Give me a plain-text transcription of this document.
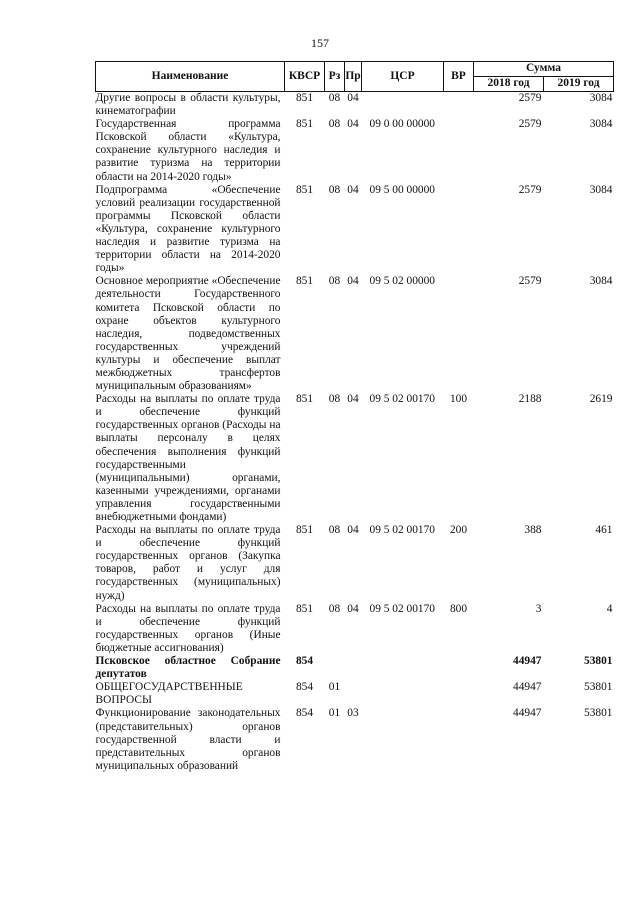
157
Наименование	КВСР	Рз	Пр	ЦСР	ВР	Сумма	
						2018 год	2019 год
Другие вопросы в области культуры, кинематографии	851	08	04			2579	3084
Государственная программа Псковской области «Культура, сохранение культурного наследия и развитие туризма на территории области на 2014-2020 годы»	851	08	04	09 0 00 00000		2579	3084
Подпрограмма «Обеспечение условий реализации государственной программы Псковской области «Культура, сохранение культурного наследия и развитие туризма на территории области на 2014-2020 годы»	851	08	04	09 5 00 00000		2579	3084
Основное мероприятие «Обеспечение деятельности Государственного комитета Псковской области по охране объектов культурного наследия, подведомственных государственных учреждений культуры и обеспечение выплат межбюджетных трансфертов муниципальным образованиям»	851	08	04	09 5 02 00000		2579	3084
Расходы на выплаты по оплате труда и обеспечение функций государственных органов (Расходы на выплаты персоналу в целях обеспечения выполнения функций государственными (муниципальными) органами, казенными учреждениями, органами управления государственными внебюджетными фондами)	851	08	04	09 5 02 00170	100	2188	2619
Расходы на выплаты по оплате труда и обеспечение функций государственных органов (Закупка товаров, работ и услуг для государственных (муниципальных) нужд)	851	08	04	09 5 02 00170	200	388	461
Расходы на выплаты по оплате труда и обеспечение функций государственных органов (Иные бюджетные ассигнования)	851	08	04	09 5 02 00170	800	3	4
Псковское областное Собрание депутатов	854					44947	53801
ОБЩЕГОСУДАРСТВЕННЫЕ ВОПРОСЫ	854	01				44947	53801
Функционирование законодательных (представительных) органов государственной власти и представительных органов муниципальных образований	854	01	03			44947	53801
